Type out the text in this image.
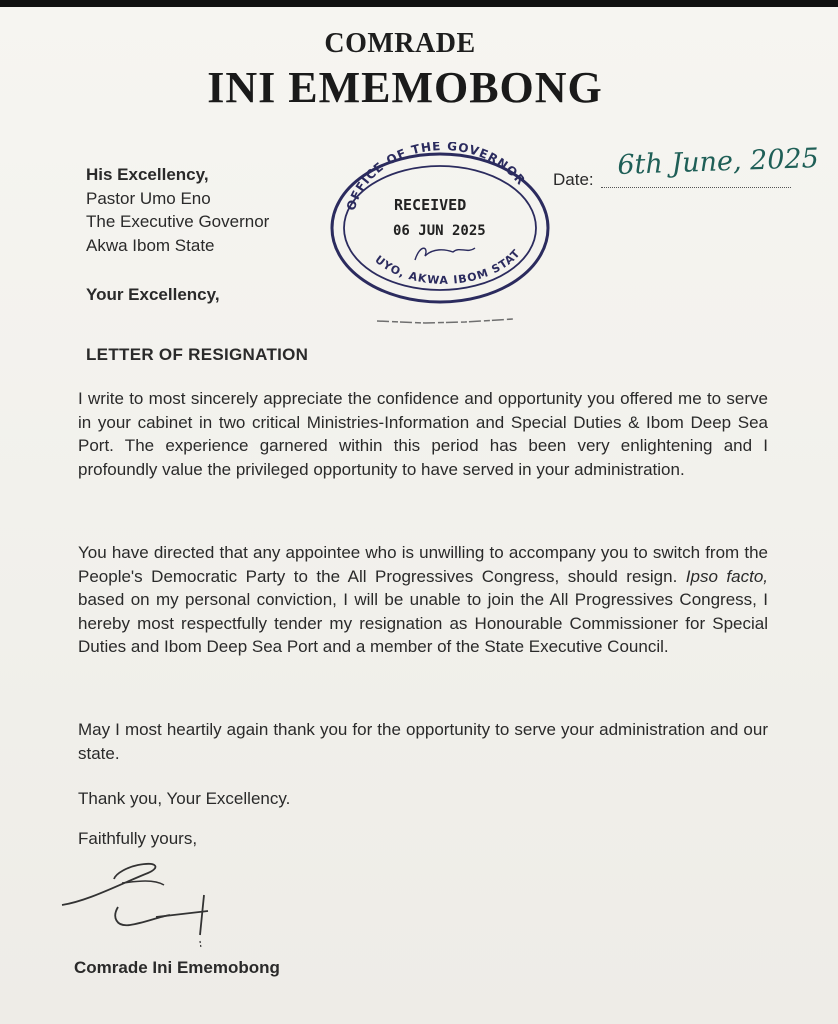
COMRADE
INI EMEMOBONG
His Excellency,
Pastor Umo Eno
The Executive Governor
Akwa Ibom State
OFFICE OF THE GOVERNOR
UYO, AKWA IBOM STAT
RECEIVED
06 JUN 2025
Date: 6th June, 2025
Your Excellency,
LETTER OF RESIGNATION

I write to most sincerely appreciate the confidence and opportunity you offered me to serve in your cabinet in two critical Ministries-Information and Special Duties & Ibom Deep Sea Port. The experience garnered within this period has been very enlightening and I profoundly value the privileged opportunity to have served in your administration.

You have directed that any appointee who is unwilling to accompany you to switch from the People's Democratic Party to the All Progressives Congress, should resign. Ipso facto, based on my personal conviction, I will be unable to join the All Progressives Congress, I hereby most respectfully tender my resignation as Honourable Commissioner for Special Duties and Ibom Deep Sea Port and a member of the State Executive Council.

May I most heartily again thank you for the opportunity to serve your administration and our state.

Thank you, Your Excellency.
Faithfully yours,
Comrade Ini Ememobong
